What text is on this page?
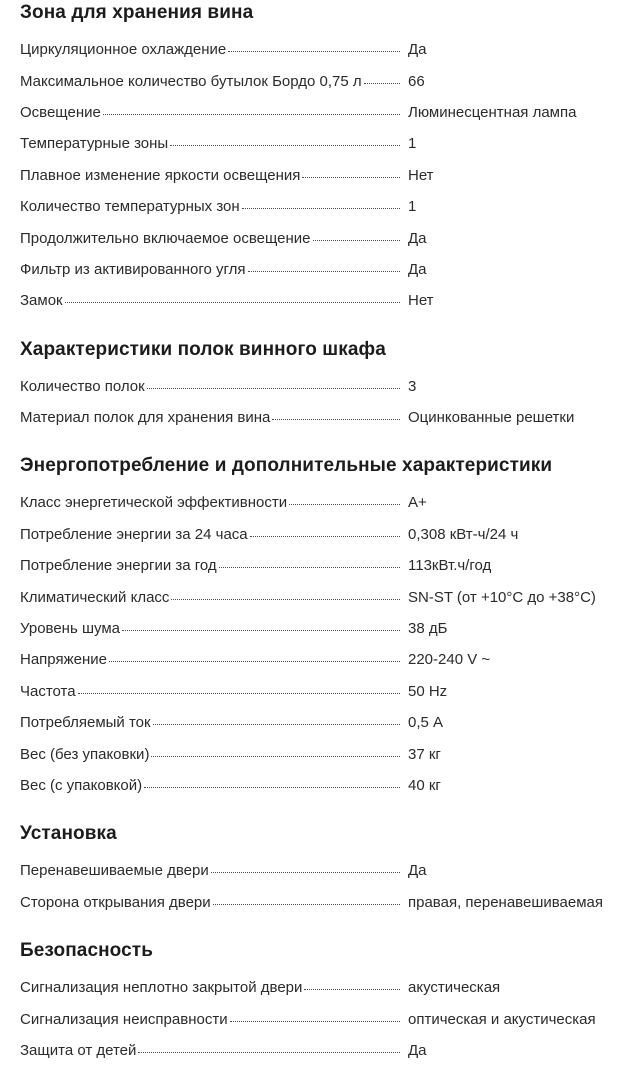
Зона для хранения вина
Циркуляционное охлаждение	Да
Максимальное количество бутылок Бордо 0,75 л	66
Освещение	Люминесцентная лампа
Температурные зоны	1
Плавное изменение яркости освещения	Нет
Количество температурных зон	1
Продолжительно включаемое освещение	Да
Фильтр из активированного угля	Да
Замок	Нет
Характеристики полок винного шкафа
Количество полок	3
Материал полок для хранения вина	Оцинкованные решетки
Энергопотребление и дополнительные характеристики
Класс энергетической эффективности	A+
Потребление энергии за 24 часа	0,308 кВт-ч/24 ч
Потребление энергии за год	113кВт.ч/год
Климатический класс	SN-ST (от +10°C до +38°C)
Уровень шума	38 дБ
Напряжение	220-240 V ~
Частота	50 Hz
Потребляемый ток	0,5 А
Вес (без упаковки)	37 кг
Вес (с упаковкой)	40 кг
Установка
Перенавешиваемые двери	Да
Сторона открывания двери	правая, перенавешиваемая
Безопасность
Сигнализация неплотно закрытой двери	акустическая
Сигнализация неисправности	оптическая и акустическая
Защита от детей	Да
